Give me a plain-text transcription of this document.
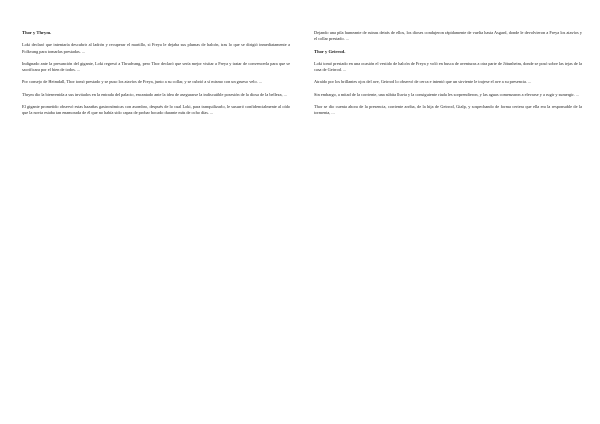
Thor y Thrym.
Loki declaró que intentaría descubrir al ladrón y recuperar el martillo, si Freya le dejaba sus plumas de halcón, tras lo que se dirigió inmediatamente a Folkvang para tomarlas prestadas. ...
Indignado ante la presunción del gigante, Loki regresó a Thrudvang, pero Thor declaró que sería mejor visitar a Freya y tratar de convencerla para que se sacrificara por el bien de todos. ...
Por consejo de Heimdall, Thor tomó prestado y se puso los atavíos de Freya, junto a su collar, y se cubrió a sí mismo con un grueso velo. ...
Thrym dio la bienvenida a sus invitados en la entrada del palacio, encantado ante la idea de asegurarse la indiscutible posesión de la diosa de la belleza, ...
El gigante prometido observó estas hazañas gastronómicas con asombro, después de lo cual Loki, para tranquilizarlo, le susurró confidencialmente al oído que la novia estaba tan enamorada de él que no había sido capaz de probar bocado durante más de ocho días. ...
Dejando una pila humeante de ruinas detrás de ellos, los dioses condujeron rápidamente de vuelta hasta Asgard, donde le devolvieron a Freya los atavíos y el collar prestado. ...
Thor y Geirrod.
Loki tomó prestado en una ocasión el vestido de halcón de Freya y voló en busca de aventuras a otra parte de Jötunheim, donde se posó sobre las tejas de la casa de Geirrod. ...
Atraído por los brillantes ojos del ave, Geirrod lo observó de cerca e intentó que un sirviente le trajese el ave a su presencia. ...
Sin embargo, a mitad de la corriente, una súbita lluvia y la consiguiente riada les sorprendieron, y las aguas comenzaron a elevarse y a rugir y sumergir. ...
Thor se dio cuenta ahora de la presencia, corriente arriba, de la hija de Geirrod, Gialp, y sospechando de forma certera que ella era la responsable de la tormenta, ...
